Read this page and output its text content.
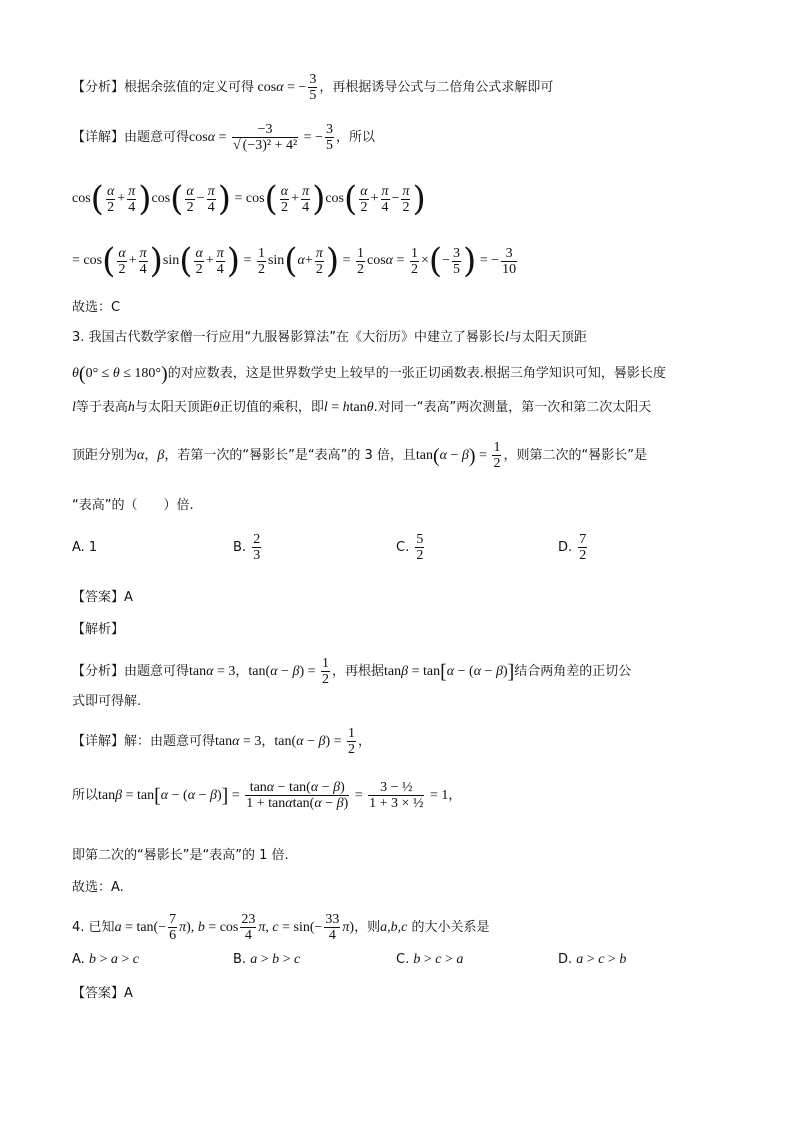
【分析】根据余弦值的定义可得 cosα = − $\frac{3}{5}$ ，再根据诱导公式与二倍角公式求解即可
【详解】由题意可得$\cos\alpha = \frac{-3}{\text{√ (−3)² + 4²}}$ = − $\frac{3}{5}$ ，所以
$\cos( \frac{\alpha}{2} + \frac{\pi}{4} )\cos( \frac{\alpha}{2} - \frac{\pi}{4}$ ) = $\cos( \frac{\alpha}{2} + \frac{\pi}{4} )\cos( \frac{\alpha}{2} + \frac{\pi}{4} - \frac{\pi}{2}$ )
= $\cos( \frac{\alpha}{2} + \frac{\pi}{4} )\sin( \frac{\alpha}{2} + \frac{\pi}{4}$ ) = $\frac{1}{2} \sin(\alpha+ \frac{\pi}{2}$ ) = $\frac{1}{2}$ $\cos\alpha = \frac{1}{2}$ ×(− $\frac{3}{5}$ ) = − $\frac{3}{10}$
故选：C
3. 我国古代数学家僧一行应用“九服晷影算法”在《大衍历》中建立了晷影长l与太阳天顶距
θ(0° ≤ θ ≤ 180°)的对应数表，这是世界数学史上较早的一张正切函数表.根据三角学知识可知，晷影长度
l等于表高h与太阳天顶距θ正切值的乘积，即l = htanθ.对同一“表高”两次测量，第一次和第二次太阳天
顶距分别为α，β，若第一次的“晷影长”是“表高”的 3 倍，且$\tan(\alpha - \beta) = \frac{1}{2}$ ，则第二次的“晷影长”是
“表高”的（　　）倍.
A. 1	B. $\frac{2}{3}$	C. $\frac{5}{2}$	D. $\frac{7}{2}$
【答案】A
【解析】
【分析】由题意可得tanα = 3，$\tan(\alpha - \beta) = \frac{1}{2}$ ，再根据tanβ = tan[α − (α − β)]结合两角差的正切公
式即可得解.
【详解】解：由题意可得tanα = 3，$\tan(\alpha - \beta) = \frac{1}{2}$ ，
所以$\tan\beta = \tan[\alpha - (\alpha - \beta)] = \frac{\tan\alpha - \tan(\alpha - \beta)}{1 + \tan\alpha\tan(\alpha - \beta)} = \frac{\text{3 − ½}}{\text{1 + 3 × ½}} = 1$，
即第二次的“晷影长”是“表高”的 1 倍.
故选：A.
4. 已知$a = \tan(- \frac{7}{6} \pi)$, $b = \cos \frac{23}{4} \pi$, $c = \sin(- \frac{33}{4} \pi)$，则a,b,c 的大小关系是
A. b > a > c	B. a > b > c	C. b > c > a	D. a > c > b
【答案】A
